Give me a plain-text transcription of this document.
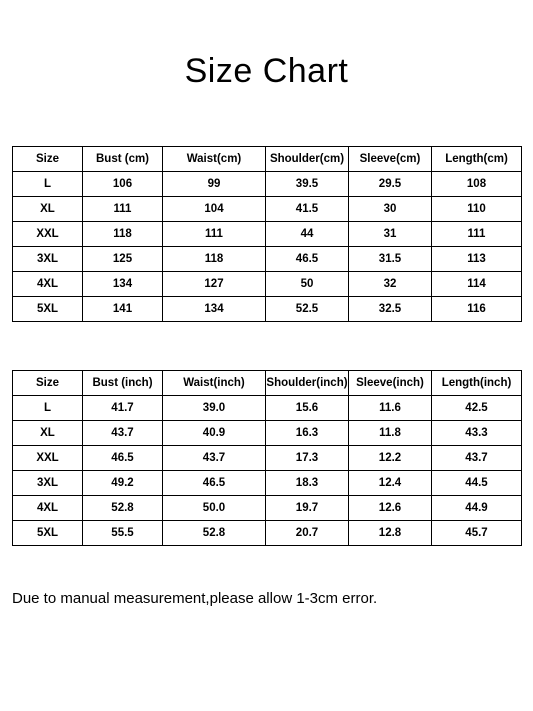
Size Chart
Size	Bust (cm)	Waist(cm)	Shoulder(cm)	Sleeve(cm)	Length(cm)
L	106	99	39.5	29.5	108
XL	111	104	41.5	30	110
XXL	118	111	44	31	111
3XL	125	118	46.5	31.5	113
4XL	134	127	50	32	114
5XL	141	134	52.5	32.5	116
Size	Bust (inch)	Waist(inch)	Shoulder(inch)	Sleeve(inch)	Length(inch)
L	41.7	39.0	15.6	11.6	42.5
XL	43.7	40.9	16.3	11.8	43.3
XXL	46.5	43.7	17.3	12.2	43.7
3XL	49.2	46.5	18.3	12.4	44.5
4XL	52.8	50.0	19.7	12.6	44.9
5XL	55.5	52.8	20.7	12.8	45.7
Due to manual measurement,please allow 1-3cm error.
